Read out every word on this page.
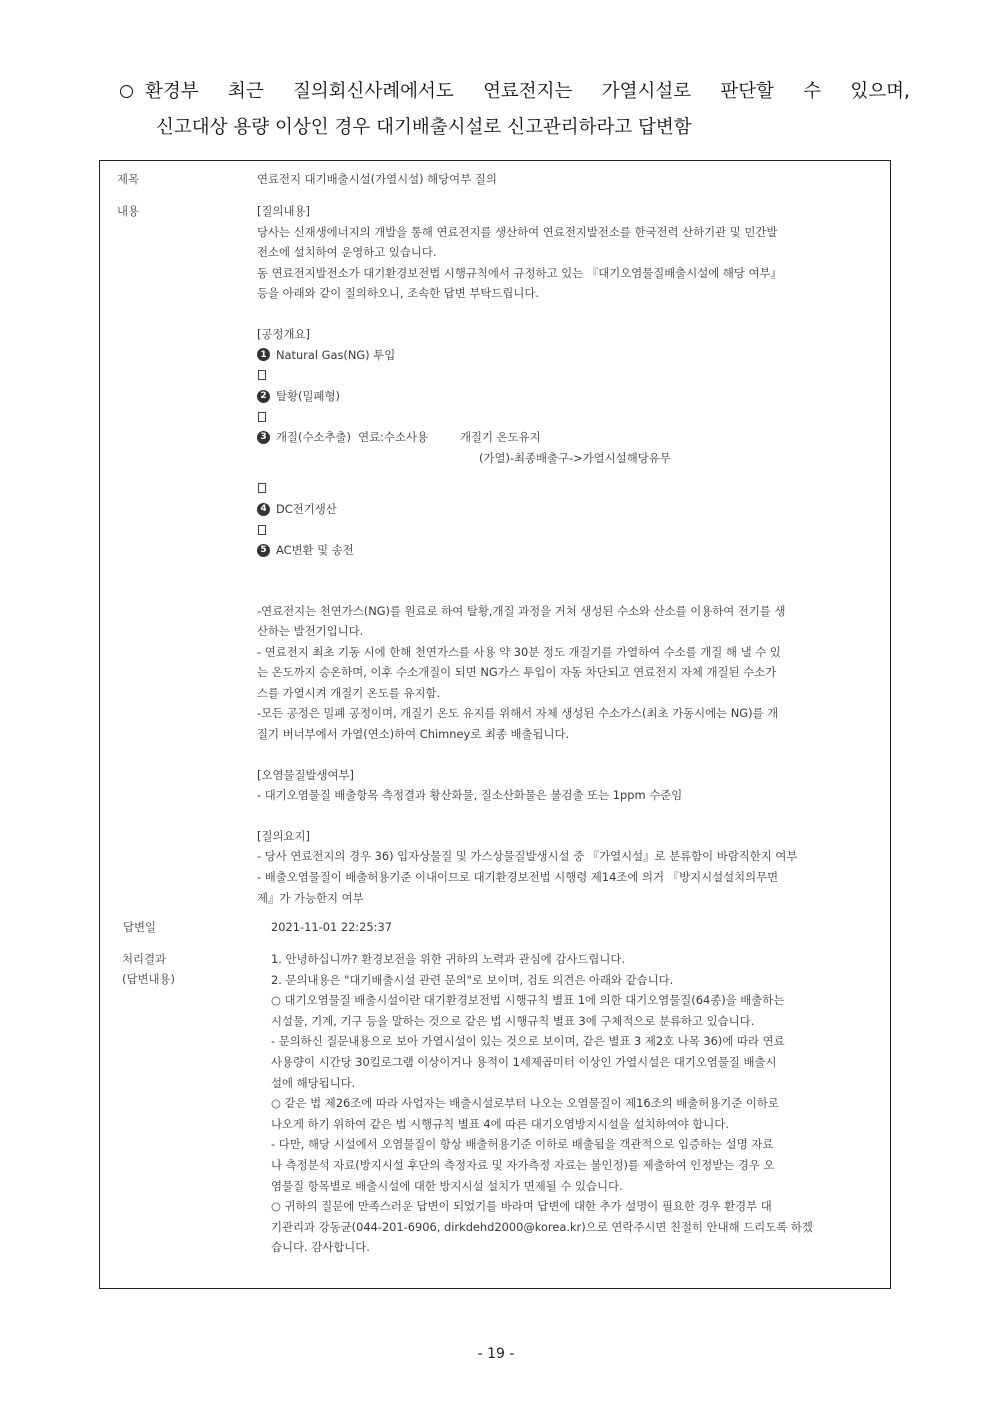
환경부 최근 질의회신사례에서도 연료전지는 가열시설로 판단할 수 있으며,
신고대상 용량 이상인 경우 대기배출시설로 신고관리하라고 답변함
제목	연료전지 대기배출시설(가열시설) 해당여부 질의
내용	[질의내용]

당사는 신재생에너지의 개발을 통해 연료전지를 생산하여 연료전지발전소를 한국전력 산하기관 및 민간발

전소에 설치하여 운영하고 있습니다.

동 연료전지발전소가 대기환경보전법 시행규칙에서 규정하고 있는 『대기오염물질배출시설에 해당 여부』

등을 아래와 같이 질의하오니, 조속한 답변 부탁드립니다.

[공정개요]

1 Natural Gas(NG) 투입
2 탈황(밀폐형)
3 개질(수소추출)  연료:수소사용	개질기 온도유지

(가열)-최종배출구->가열시설해당유무

4 DC전기생산
5 AC변환 및 송전

-연료전지는 천연가스(NG)를 원료로 하여 탈황,개질 과정을 거쳐 생성된 수소와 산소를 이용하여 전기를 생

산하는 발전기입니다.

- 연료전지 최초 기동 시에 한해 천연가스를 사용 약 30분 정도 개질기를 가열하여 수소를 개질 해 낼 수 있

는 온도까지 승온하며, 이후 수소개질이 되면 NG가스 투입이 자동 차단되고 연료전지 자체 개질된 수소가

스를 가열시켜 개질기 온도를 유지함.

-모든 공정은 밀폐 공정이며, 개질기 온도 유지를 위해서 자체 생성된 수소가스(최초 가동시에는 NG)를 개

질기 버너부에서 가열(연소)하여 Chimney로 최종 배출됩니다.

[오염물질발생여부]

- 대기오염물질 배출항목 측정결과 황산화물, 질소산화물은 불검출 또는 1ppm 수준임

[질의요지]

- 당사 연료전지의 경우 36) 입자상물질 및 가스상물질발생시설 중 『가열시설』로 분류함이 바람직한지 여부

- 배출오염물질이 배출허용기준 이내이므로 대기환경보전법 시행령 제14조에 의거 『방지시설설치의무면

제』가 가능한지 여부

답변일	2021-11-01 22:25:37
처리결과
(답변내용)

1. 안녕하십니까? 환경보전을 위한 귀하의 노력과 관심에 감사드립니다.

2. 문의내용은 "대기배출시설 관련 문의"로 보이며, 검토 의견은 아래와 같습니다.

○ 대기오염물질 배출시설이란 대기환경보전법 시행규칙 별표 1에 의한 대기오염물질(64종)을 배출하는

시설물, 기계, 기구 등을 말하는 것으로 같은 법 시행규칙 별표 3에 구체적으로 분류하고 있습니다.

- 문의하신 질문내용으로 보아 가열시설이 있는 것으로 보이며, 같은 별표 3 제2호 나목 36)에 따라 연료

사용량이 시간당 30킬로그램 이상이거나 용적이 1세제곱미터 이상인 가열시설은 대기오염물질 배출시

설에 해당됩니다.

○ 같은 법 제26조에 따라 사업자는 배출시설로부터 나오는 오염물질이 제16조의 배출허용기준 이하로

나오게 하기 위하여 같은 법 시행규칙 별표 4에 따른 대기오염방지시설을 설치하여야 합니다.

- 다만, 해당 시설에서 오염물질이 항상 배출허용기준 이하로 배출됨을 객관적으로 입증하는 설명 자료

나 측정분석 자료(방지시설 후단의 측정자료 및 자가측정 자료는 불인정)를 제출하여 인정받는 경우 오

염물질 항목별로 배출시설에 대한 방지시설 설치가 면제될 수 있습니다.

○ 귀하의 질문에 만족스러운 답변이 되었기를 바라며 답변에 대한 추가 설명이 필요한 경우 환경부 대

기관리과 강동균(044-201-6906, dirkdehd2000@korea.kr)으로 연락주시면 친절히 안내해 드리도록 하겠

습니다. 감사합니다.

- 19 -
